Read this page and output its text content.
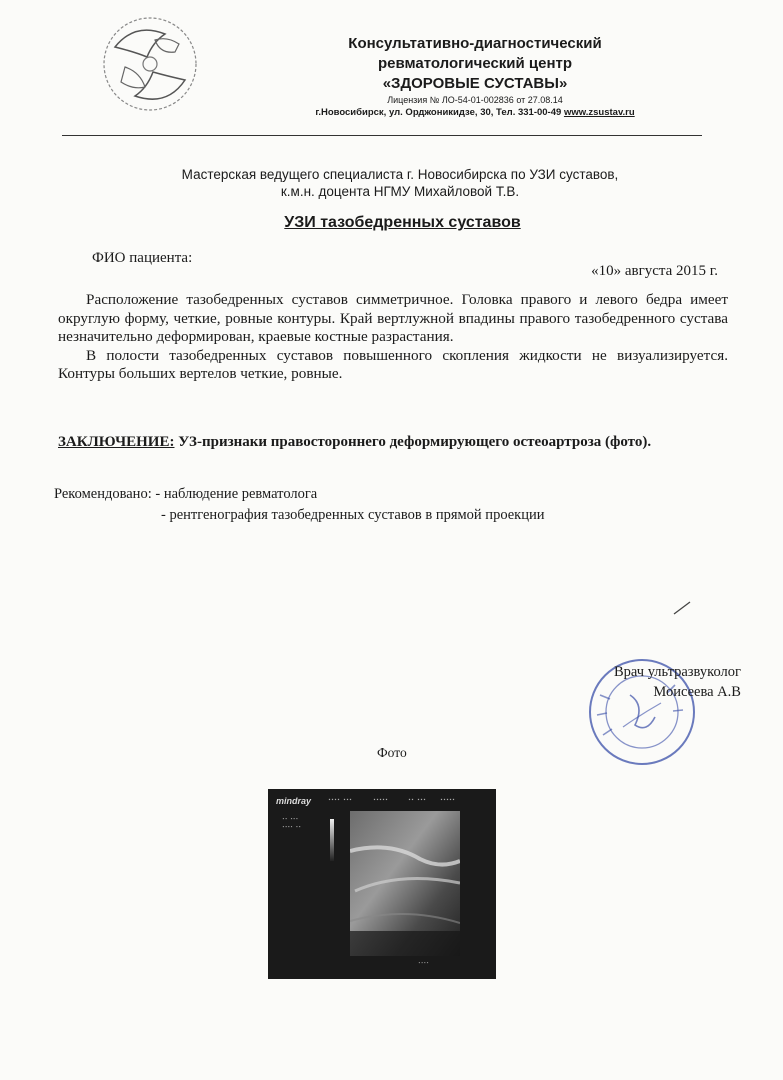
Консультативно-диагностический
ревматологический центр
«ЗДОРОВЫЕ СУСТАВЫ»
Лицензия № ЛО-54-01-002836 от 27.08.14
г.Новосибирск, ул. Орджоникидзе, 30, Тел. 331-00-49 www.zsustav.ru
Мастерская ведущего специалиста г. Новосибирска по УЗИ суставов,
к.м.н. доцента НГМУ Михайловой Т.В.
УЗИ тазобедренных суставов
ФИО пациента:
«10» августа 2015 г.

Расположение тазобедренных суставов симметричное. Головка правого и левого бедра имеет округлую форму, четкие, ровные контуры. Край вертлужной впадины правого тазобедренного сустава незначительно деформирован, краевые костные разрастания.

В полости тазобедренных суставов повышенного скопления жидкости не визуализируется. Контуры больших вертелов четкие, ровные.

ЗАКЛЮЧЕНИЕ: УЗ-признаки правостороннего деформирующего остеоартроза (фото).
Рекомендовано: - наблюдение ревматолога
- рентгенография тазобедренных суставов в прямой проекции
Врач ультразвуколог
Моисеева А.В
Фото
mindray	▪▪▪▪ ▪▪▪	▪▪▪▪▪	▪▪ ▪▪▪	▪▪▪▪▪
▪▪ ▪▪▪
▪▪▪▪ ▪▪
▪▪▪▪
